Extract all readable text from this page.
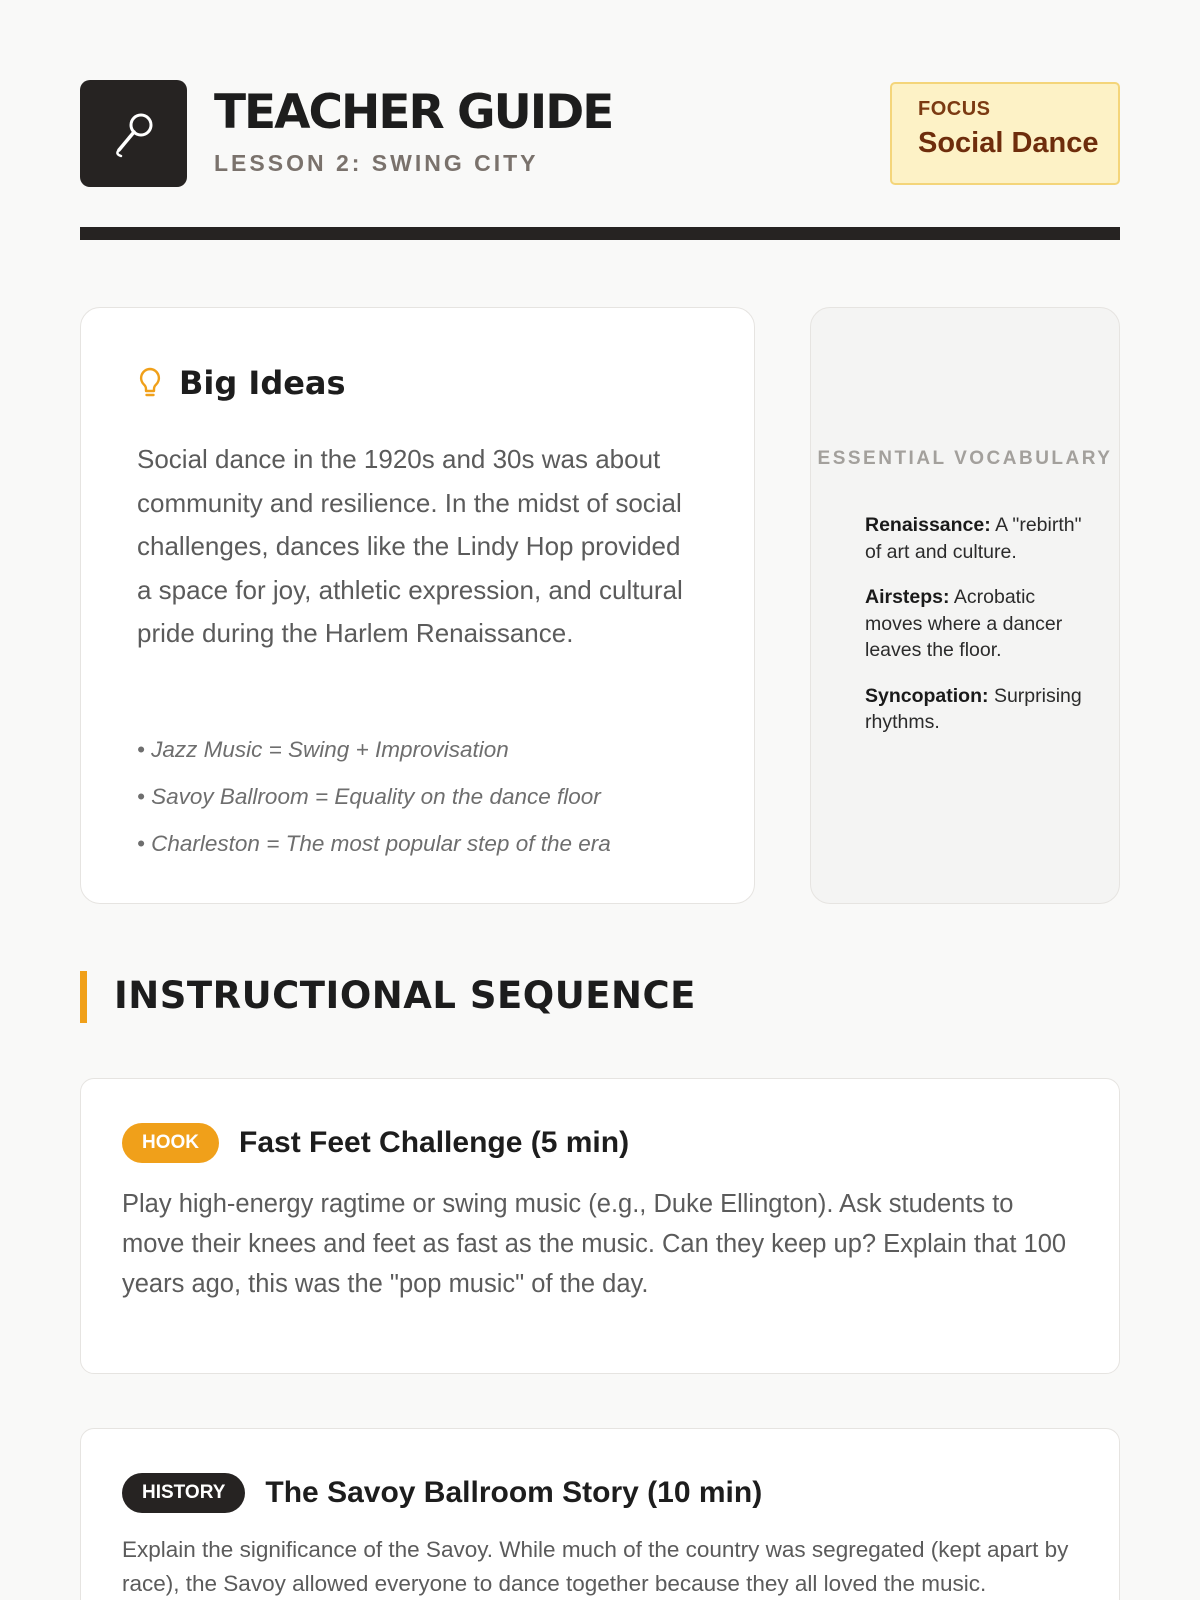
TEACHER GUIDE
LESSON 2: SWING CITY
FOCUS
Social Dance
Big Ideas
Social dance in the 1920s and 30s was about community and resilience. In the midst of social challenges, dances like the Lindy Hop provided a space for joy, athletic expression, and cultural pride during the Harlem Renaissance.
• Jazz Music = Swing + Improvisation
• Savoy Ballroom = Equality on the dance floor
• Charleston = The most popular step of the era
ESSENTIAL VOCABULARY
Renaissance: A "rebirth" of art and culture.
Airsteps: Acrobatic moves where a dancer leaves the floor.
Syncopation: Surprising rhythms.
INSTRUCTIONAL SEQUENCE
HOOK	Fast Feet Challenge (5 min)
Play high-energy ragtime or swing music (e.g., Duke Ellington). Ask students to move their knees and feet as fast as the music. Can they keep up? Explain that 100 years ago, this was the "pop music" of the day.
HISTORY	The Savoy Ballroom Story (10 min)
Explain the significance of the Savoy. While much of the country was segregated (kept apart by race), the Savoy allowed everyone to dance together because they all loved the music.
